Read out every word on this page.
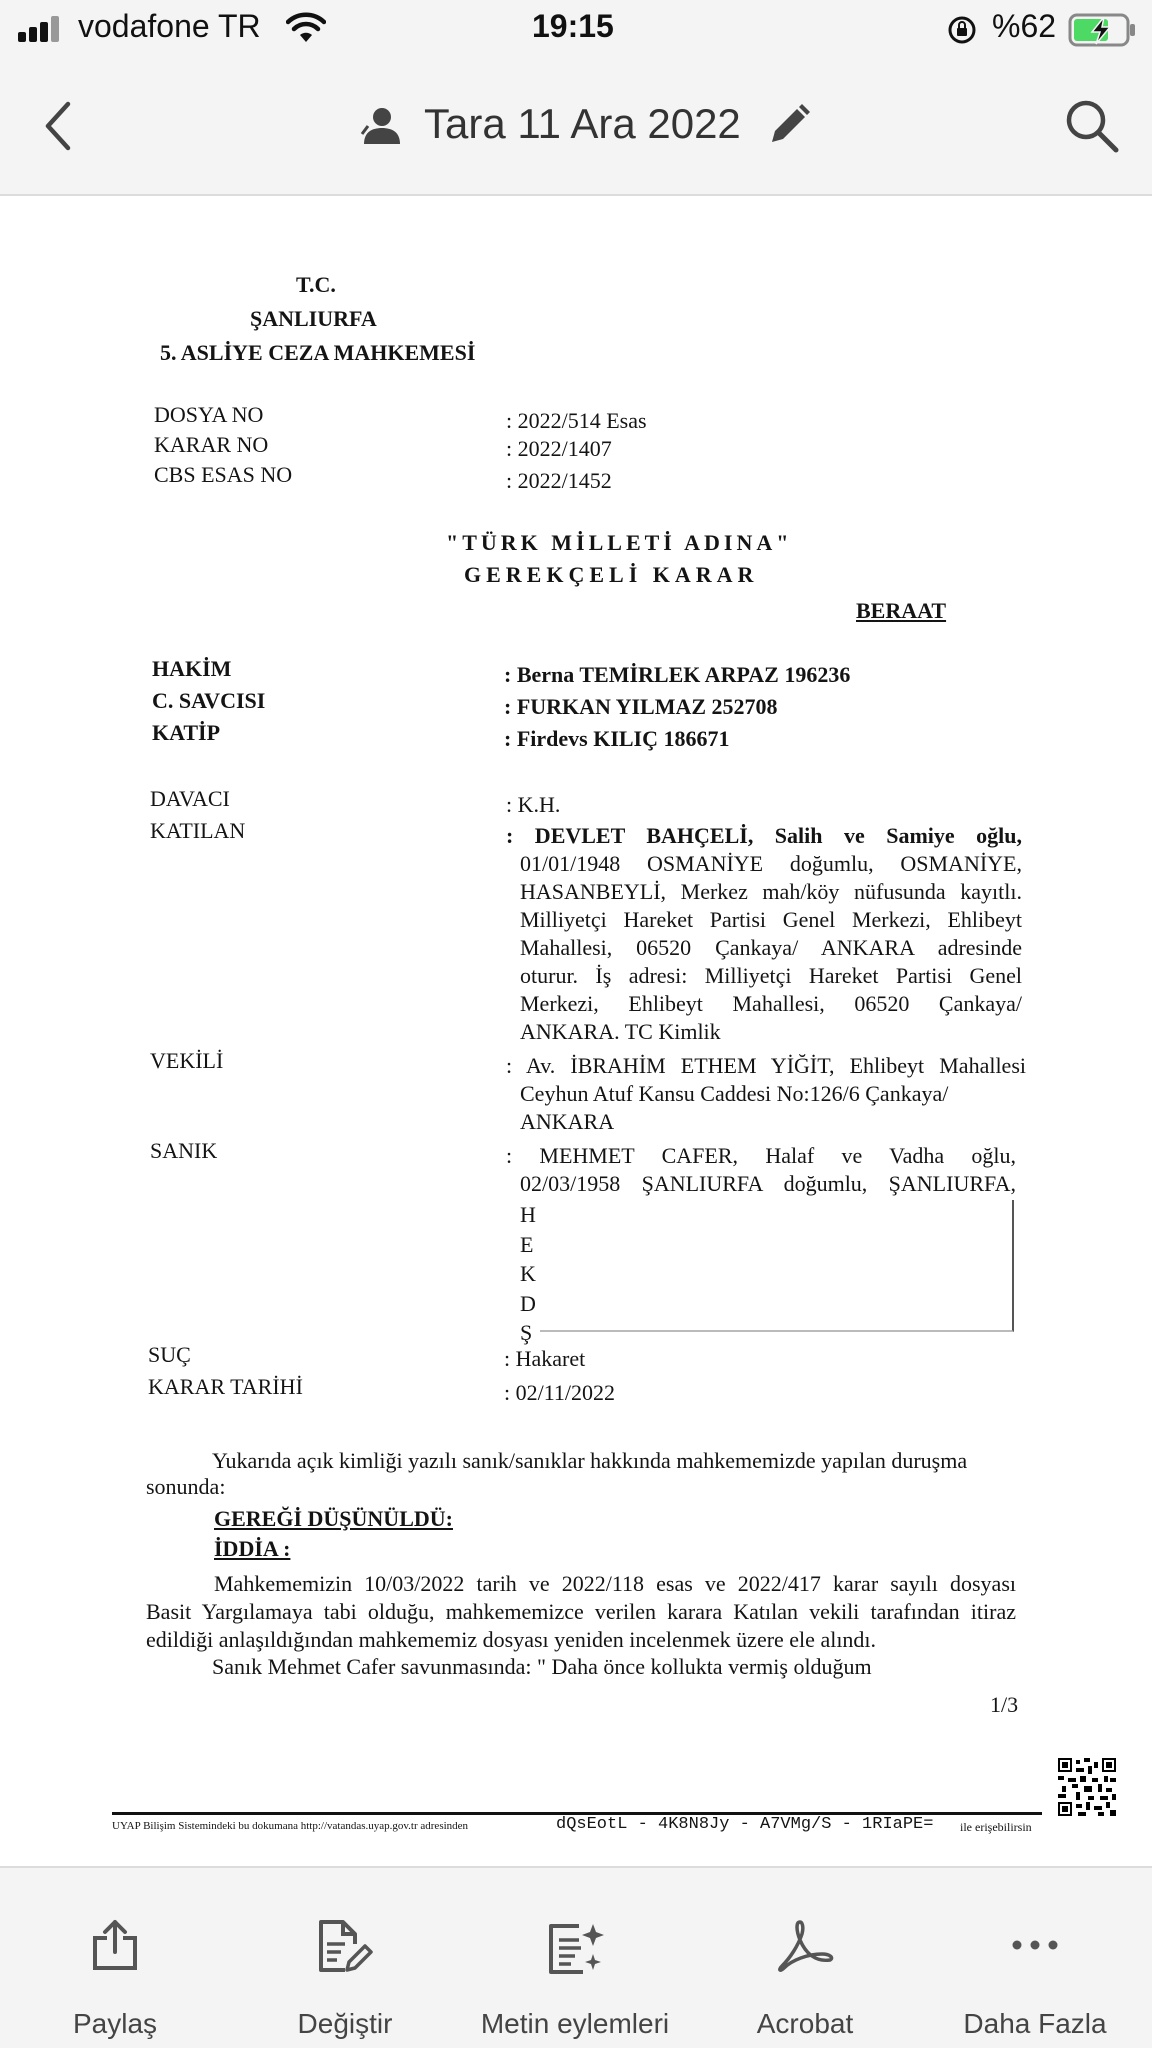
vodafone TR	19:15	%62
Tara 11 Ara 2022
T.C.
ŞANLIURFA
5. ASLİYE CEZA MAHKEMESİ
DOSYA NO	: 2022/514 Esas
KARAR NO	: 2022/1407
CBS ESAS NO	: 2022/1452
"TÜRK MİLLETİ ADINA"
GEREKÇELİ KARAR
BERAAT
HAKİM	: Berna TEMİRLEK ARPAZ 196236
C. SAVCISI	: FURKAN YILMAZ 252708
KATİP	: Firdevs KILIÇ 186671
DAVACI	: K.H.
KATILAN	: DEVLET BAHÇELİ, Salih ve Samiye oğlu,
01/01/1948 OSMANİYE doğumlu, OSMANİYE,
HASANBEYLİ, Merkez mah/köy nüfusunda kayıtlı.
Milliyetçi Hareket Partisi Genel Merkezi, Ehlibeyt
Mahallesi, 06520 Çankaya/ ANKARA adresinde
oturur. İş adresi: Milliyetçi Hareket Partisi Genel
Merkezi, Ehlibeyt Mahallesi, 06520 Çankaya/
ANKARA. TC Kimlik
VEKİLİ	: Av. İBRAHİM ETHEM YİĞİT, Ehlibeyt Mahallesi
Ceyhun Atuf Kansu Caddesi No:126/6 Çankaya/
ANKARA
SANIK	: MEHMET CAFER, Halaf ve Vadha oğlu,
02/03/1958 ŞANLIURFA doğumlu, ŞANLIURFA,
H
E
K
D
Ş
SUÇ	: Hakaret
KARAR TARİHİ	: 02/11/2022
Yukarıda açık kimliği yazılı sanık/sanıklar hakkında mahkememizde yapılan duruşma
sonunda:
GEREĞİ DÜŞÜNÜLDÜ:
İDDİA :
Mahkememizin 10/03/2022 tarih ve 2022/118 esas ve 2022/417 karar sayılı dosyası
Basit Yargılamaya tabi olduğu, mahkememizce verilen karara Katılan vekili tarafından itiraz
edildiği anlaşıldığından mahkememiz dosyası yeniden incelenmek üzere ele alındı.
Sanık Mehmet Cafer savunmasında: " Daha önce kollukta vermiş olduğum
1/3
UYAP Bilişim Sistemindeki bu dokumana http://vatandas.uyap.gov.tr adresinden	dQsEotL - 4K8N8Jy - A7VMg/S - 1RIaPE= ile erişebilirsin
Paylaş	Değiştir	Metin eylemleri	Acrobat	Daha Fazla
